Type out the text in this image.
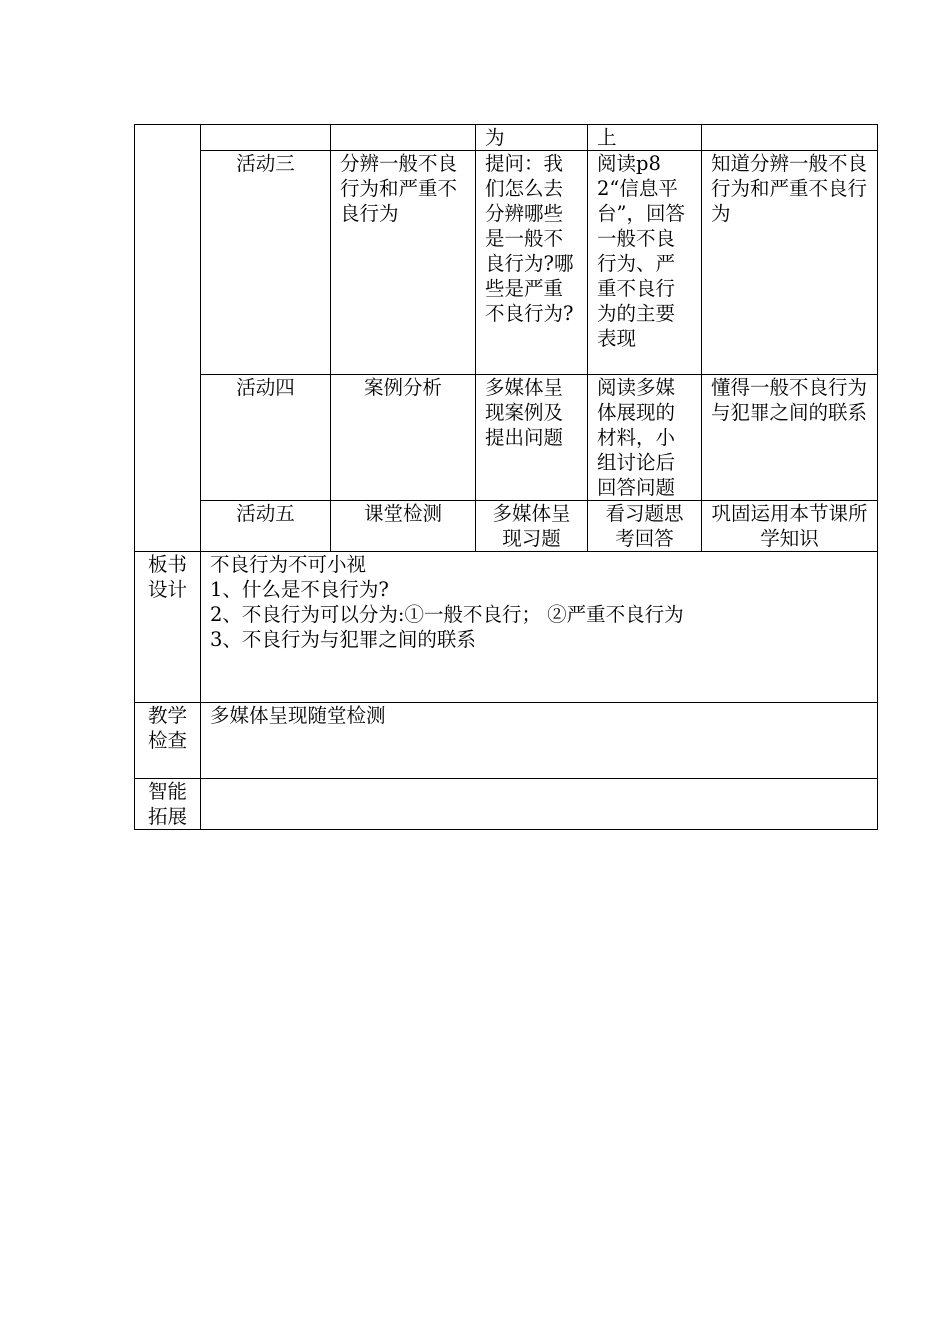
			为	上	
	活动三	分辨一般不良行为和严重不良行为	提问：我们怎么去分辨哪些是一般不良行为?哪些是严重不良行为?	阅读p82“信息平台”，回答一般不良行为、严重不良行为的主要表现	知道分辨一般不良行为和严重不良行为
	活动四	案例分析	多媒体呈现案例及提出问题	阅读多媒体展现的材料，小组讨论后回答问题	懂得一般不良行为与犯罪之间的联系
	活动五	课堂检测	多媒体呈现习题	看习题思考回答	巩固运用本节课所学知识

板书设计	不良行为不可小视
1、什么是不良行为?
2、不良行为可以分为:①一般不良行； ②严重不良行为
3、不良行为与犯罪之间的联系				
教学检查	多媒体呈现随堂检测				
智能拓展					
